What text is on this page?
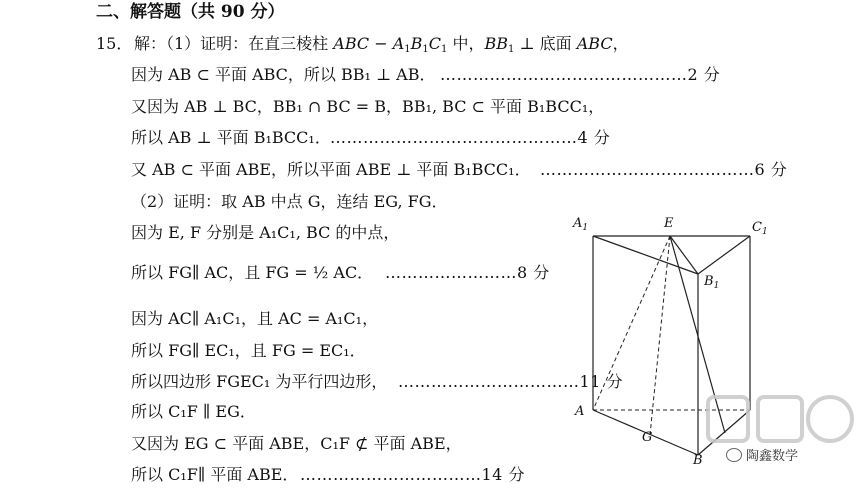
二、解答题（共 90 分）
15． 解：（1）证明：在直三棱柱 ABC − $A_1B_1C_1$ 中，$BB_1$ ⊥ 底面 ABC，
因为 AB ⊂ 平面 ABC，所以 BB₁ ⊥ AB． ………………………………………2 分
又因为 AB ⊥ BC，BB₁ ∩ BC = B，BB₁, BC ⊂ 平面 B₁BCC₁，
所以 AB ⊥ 平面 B₁BCC₁． ………………………………………4 分
又 AB ⊂ 平面 ABE，所以平面 ABE ⊥ 平面 B₁BCC₁． …………………………………6 分
（2）证明：取 AB 中点 G，连结 EG, FG．
因为 E, F 分别是 A₁C₁, BC 的中点，
所以 FG∥ AC，且 FG = ½ AC． ……………………8 分
因为 AC∥ A₁C₁，且 AC = A₁C₁，
所以 FG∥ EC₁，且 FG = EC₁．
所以四边形 FGEC₁ 为平行四边形， ……………………………11 分
所以 C₁F ∥ EG．
又因为 EG ⊂ 平面 ABE，C₁F ⊄ 平面 ABE，
所以 C₁F∥ 平面 ABE． ……………………………14 分
$A_1$	E	$C_1$
$B_1$
A
G
B	陶鑫数学
